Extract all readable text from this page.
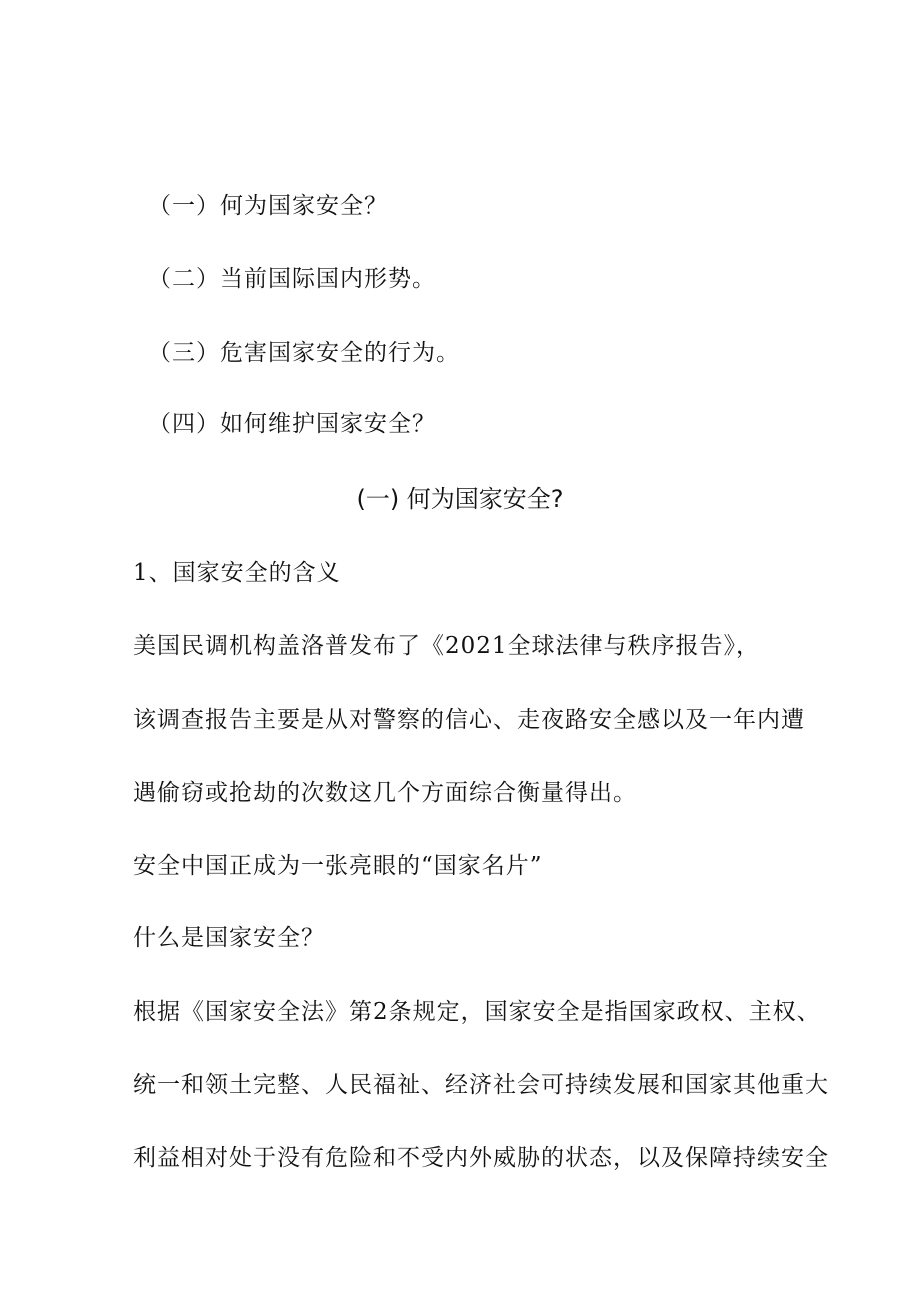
（一）何为国家安全？
（二）当前国际国内形势。
（三）危害国家安全的行为。
（四）如何维护国家安全？
(一) 何为国家安全?
1、国家安全的含义
美国民调机构盖洛普发布了《2021全球法律与秩序报告》，
该调查报告主要是从对警察的信心、走夜路安全感以及一年内遭
遇偷窃或抢劫的次数这几个方面综合衡量得出。
安全中国正成为一张亮眼的“国家名片”
什么是国家安全？
根据《国家安全法》第2条规定，国家安全是指国家政权、主权、
统一和领土完整、人民福祉、经济社会可持续发展和国家其他重大
利益相对处于没有危险和不受内外威胁的状态，以及保障持续安全
